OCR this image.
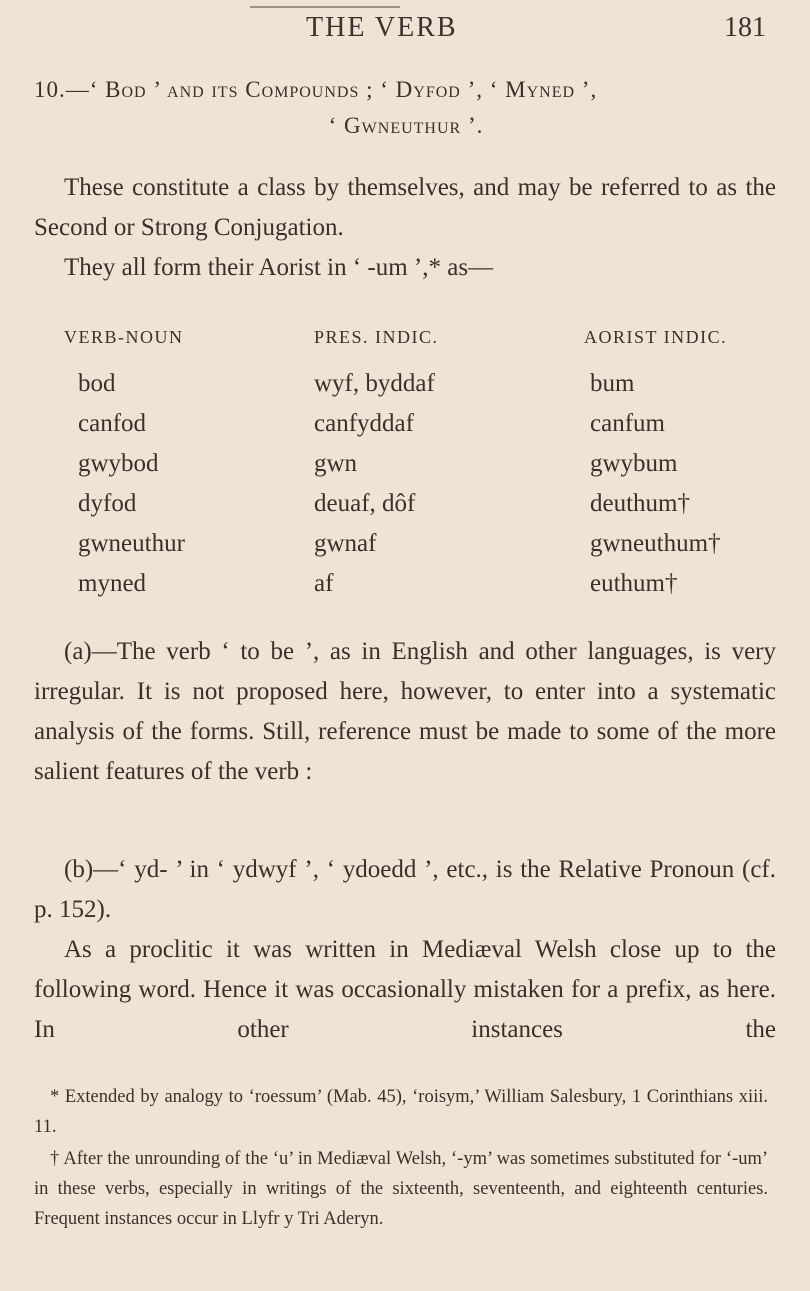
THE VERB	181
10.—‘ Bod ’ and its Compounds ; ‘ Dyfod ’, ‘ Myned ’,
‘ Gwneuthur ’.

These constitute a class by themselves, and may be referred to as the Second or Strong Conjugation.

They all form their Aorist in ‘ -um ’,* as—

VERB-NOUN	PRES. INDIC.	AORIST INDIC.
bod	wyf, byddaf	bum
canfod	canfyddaf	canfum
gwybod	gwn	gwybum
dyfod	deuaf, dôf	deuthum†
gwneuthur	gwnaf	gwneuthum†
myned	af	euthum†

(a)—The verb ‘ to be ’, as in English and other languages, is very irregular. It is not proposed here, however, to enter into a systematic analysis of the forms. Still, reference must be made to some of the more salient features of the verb :

(b)—‘ yd- ’ in ‘ ydwyf ’, ‘ ydoedd ’, etc., is the Relative Pronoun (cf. p. 152).

As a proclitic it was written in Mediæval Welsh close up to the following word. Hence it was occasionally mistaken for a prefix, as here. In other instances the

* Extended by analogy to ‘roessum’ (Mab. 45), ‘roisym,’ William Salesbury, 1 Corinthians xiii. 11.

† After the unrounding of the ‘u’ in Mediæval Welsh, ‘-ym’ was sometimes substituted for ‘-um’ in these verbs, especially in writings of the sixteenth, seventeenth, and eighteenth centuries. Frequent instances occur in Llyfr y Tri Aderyn.
